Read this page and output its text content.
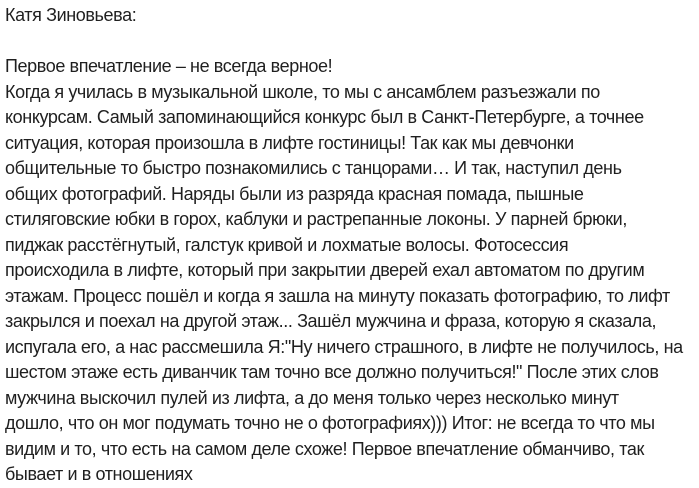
Катя Зиновьева:
Первое впечатление – не всегда верное!
Когда я училась в музыкальной школе, то мы с ансамблем разъезжали по
конкурсам. Самый запоминающийся конкурс был в Санкт-Петербурге, а точнее
ситуация, которая произошла в лифте гостиницы! Так как мы девчонки
общительные то быстро познакомились с танцорами… И так, наступил день
общих фотографий. Наряды были из разряда красная помада, пышные
стиляговские юбки в горох, каблуки и растрепанные локоны. У парней брюки,
пиджак расстёгнутый, галстук кривой и лохматые волосы. Фотосессия
происходила в лифте, который при закрытии дверей ехал автоматом по другим
этажам. Процесс пошёл и когда я зашла на минуту показать фотографию, то лифт
закрылся и поехал на другой этаж... Зашёл мужчина и фраза, которую я сказала,
испугала его, а нас рассмешила Я:"Ну ничего страшного, в лифте не получилось, на
шестом этаже есть диванчик там точно все должно получиться!" После этих слов
мужчина выскочил пулей из лифта, а до меня только через несколько минут
дошло, что он мог подумать точно не о фотографиях))) Итог: не всегда то что мы
видим и то, что есть на самом деле схоже! Первое впечатление обманчиво, так
бывает и в отношениях
